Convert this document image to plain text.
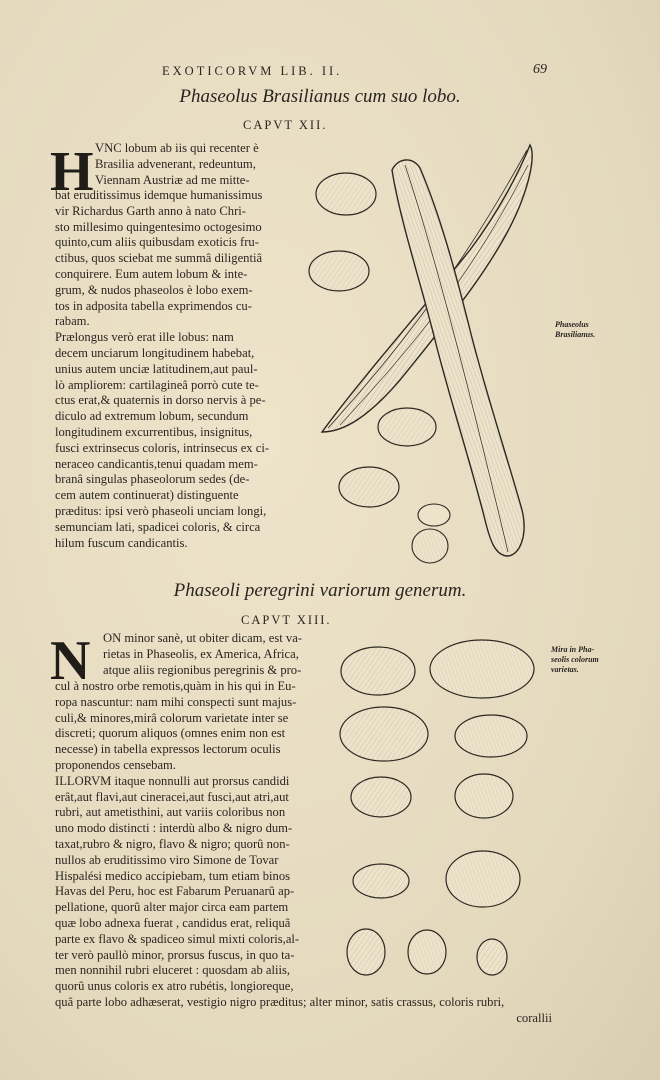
EXOTICORVM LIB. II.	69
Phaseolus Brasilianus cum suo lobo.
CAPVT XII.
H VNC lobum ab iis qui recenter è
Brasilia advenerant, redeuntum,
Viennam Austriæ ad me mitte-
bat eruditissimus idemque humanissimus
vir Richardus Garth anno à nato Chri-
sto millesimo quingentesimo octogesimo
quinto,cum aliis quibusdam exoticis fru-
ctibus, quos sciebat me summâ diligentiâ
conquirere. Eum autem lobum & inte-
grum, & nudos phaseolos è lobo exem-
tos in adposita tabella exprimendos cu-
rabam.
Prælongus verò erat ille lobus: nam
decem unciarum longitudinem habebat,
unius autem unciæ latitudinem,aut paul-
lò ampliorem: cartilagineâ porrò cute te-
ctus erat,& quaternis in dorso nervis à pe-
diculo ad extremum lobum, secundum
longitudinem excurrentibus, insignitus,
fusci extrinsecus coloris, intrinsecus ex ci-
neraceo candicantis,tenui quadam mem-
branâ singulas phaseolorum sedes (de-
cem autem continuerat) distinguente
præditus: ipsi verò phaseoli unciam longi,
semunciam lati, spadicei coloris, & circa
hilum fuscum candicantis.
Phaseolus
Brasilianus.
Phaseoli peregrini variorum generum.
CAPVT XIII.
N ON minor sanè, ut obiter dicam, est va-
rietas in Phaseolis, ex America, Africa,
atque aliis regionibus peregrinis & pro-
cul à nostro orbe remotis,quàm in his qui in Eu-
ropa nascuntur: nam mihi conspecti sunt majus-
culi,& minores,mirâ colorum varietate inter se
discreti; quorum aliquos (omnes enim non est
necesse) in tabella expressos lectorum oculis
proponendos censebam.
ILLORVM itaque nonnulli aut prorsus candidi
erât,aut flavi,aut cineracei,aut fusci,aut atri,aut
rubri, aut ametisthini, aut variis coloribus non
uno modo distincti : interdù albo & nigro dum-
taxat,rubro & nigro, flavo & nigro; quorû non-
nullos ab eruditissimo viro Simone de Tovar
Hispalési medico accipiebam, tum etiam binos
Havas del Peru, hoc est Fabarum Peruanarû ap-
pellatione, quorû alter major circa eam partem
quæ lobo adnexa fuerat , candidus erat, reliquâ
parte ex flavo & spadiceo simul mixti coloris,al-
ter verò paullò minor, prorsus fuscus, in quo ta-
men nonnihil rubri eluceret : quosdam ab aliis,
quorû unus coloris ex atro rubétis, longioreque,
quâ parte lobo adhæserat, vestigio nigro præditus; alter minor, satis crassus, coloris rubri,
corallii
Mira in Pha-
seolis colorum
varietas.
